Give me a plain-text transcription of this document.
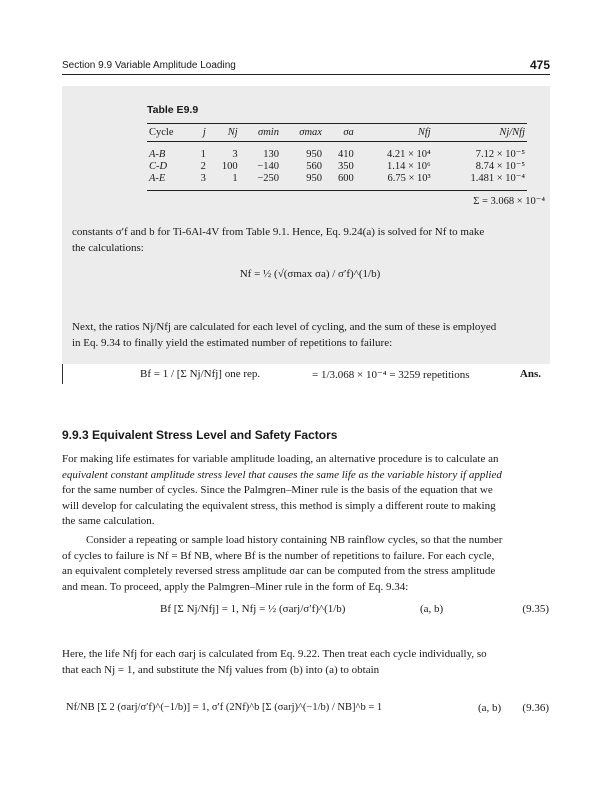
Section 9.9 Variable Amplitude Loading	475
Table E9.9
Cycle	j	Nj	σmin	σmax	σa	Nfj	Nj/Nfj
A-B	1	3	130	950	410	4.21 × 10⁴	7.12 × 10⁻⁵
C-D	2	100	−140	560	350	1.14 × 10⁶	8.74 × 10⁻⁵
A-E	3	1	−250	950	600	6.75 × 10³	1.481 × 10⁻⁴
Σ = 3.068 × 10⁻⁴
constants σ′f and b for Ti-6Al-4V from Table 9.1. Hence, Eq. 9.24(a) is solved for Nf to make
the calculations:
Nf = ½ (√(σmax σa) / σ′f)^(1/b)
Next, the ratios Nj/Nfj are calculated for each level of cycling, and the sum of these is employed
in Eq. 9.34 to finally yield the estimated number of repetitions to failure:
Bf = 1 / [Σ Nj/Nfj] one rep.	= 1/3.068 × 10⁻⁴ = 3259 repetitions	Ans.
9.9.3 Equivalent Stress Level and Safety Factors
For making life estimates for variable amplitude loading, an alternative procedure is to calculate an
equivalent constant amplitude stress level that causes the same life as the variable history if applied
for the same number of cycles. Since the Palmgren–Miner rule is the basis of the equation that we
will develop for calculating the equivalent stress, this method is simply a different route to making
the same calculation.
Consider a repeating or sample load history containing NB rainflow cycles, so that the number
of cycles to failure is Nf = Bf NB, where Bf is the number of repetitions to failure. For each cycle,
an equivalent completely reversed stress amplitude σar can be computed from the stress amplitude
and mean. To proceed, apply the Palmgren–Miner rule in the form of Eq. 9.34:
Bf [Σ Nj/Nfj] = 1, Nfj = ½ (σarj/σ′f)^(1/b)	(a, b)	(9.35)
Here, the life Nfj for each σarj is calculated from Eq. 9.22. Then treat each cycle individually, so
that each Nj = 1, and substitute the Nfj values from (b) into (a) to obtain
Nf/NB [Σ 2 (σarj/σ′f)^(−1/b)] = 1, σ′f (2Nf)^b [Σ (σarj)^(−1/b) / NB]^b = 1	(a, b) (9.36)
